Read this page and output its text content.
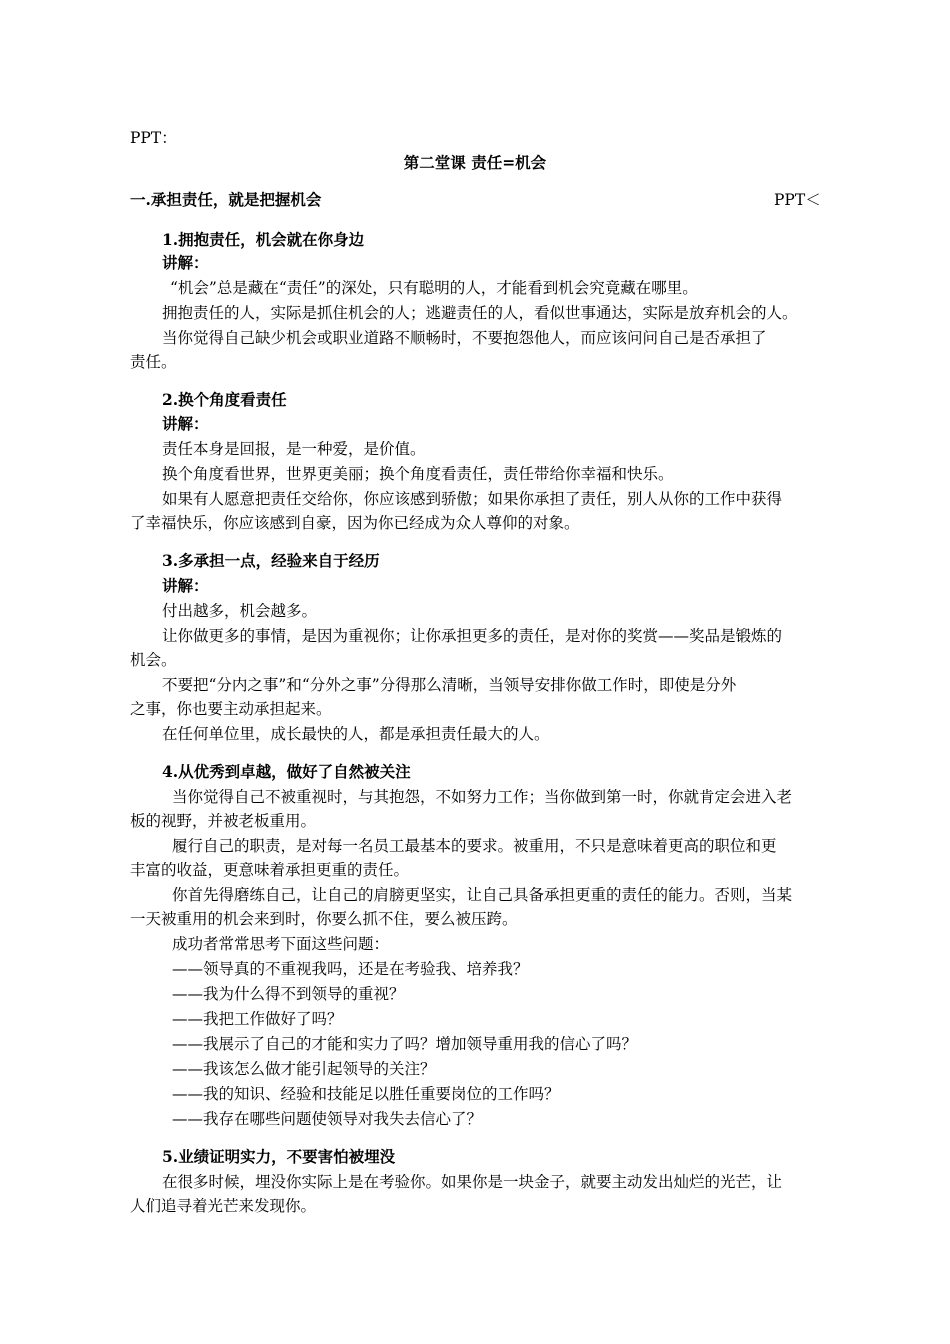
PPT：
第二堂课 责任=机会
一.承担责任，就是把握机会	PPT＜
1.拥抱责任，机会就在你身边
讲解：
“机会”总是藏在“责任”的深处，只有聪明的人，才能看到机会究竟藏在哪里。
拥抱责任的人，实际是抓住机会的人；逃避责任的人，看似世事通达，实际是放弃机会的人。
当你觉得自己缺少机会或职业道路不顺畅时，不要抱怨他人，而应该问问自己是否承担了
责任。
2.换个角度看责任
讲解：
责任本身是回报，是一种爱，是价值。
换个角度看世界，世界更美丽；换个角度看责任，责任带给你幸福和快乐。
如果有人愿意把责任交给你，你应该感到骄傲；如果你承担了责任，别人从你的工作中获得
了幸福快乐，你应该感到自豪，因为你已经成为众人尊仰的对象。
3.多承担一点，经验来自于经历
讲解：
付出越多，机会越多。
让你做更多的事情，是因为重视你；让你承担更多的责任，是对你的奖赏——奖品是锻炼的
机会。
不要把“分内之事”和“分外之事”分得那么清晰，当领导安排你做工作时，即使是分外
之事，你也要主动承担起来。
在任何单位里，成长最快的人，都是承担责任最大的人。
4.从优秀到卓越，做好了自然被关注
当你觉得自己不被重视时，与其抱怨，不如努力工作；当你做到第一时，你就肯定会进入老
板的视野，并被老板重用。
履行自己的职责，是对每一名员工最基本的要求。被重用，不只是意味着更高的职位和更
丰富的收益，更意味着承担更重的责任。
你首先得磨练自己，让自己的肩膀更坚实，让自己具备承担更重的责任的能力。否则，当某
一天被重用的机会来到时，你要么抓不住，要么被压跨。
成功者常常思考下面这些问题：
——领导真的不重视我吗，还是在考验我、培养我？
——我为什么得不到领导的重视？
——我把工作做好了吗？
——我展示了自己的才能和实力了吗？增加领导重用我的信心了吗？
——我该怎么做才能引起领导的关注？
——我的知识、经验和技能足以胜任重要岗位的工作吗？
——我存在哪些问题使领导对我失去信心了？
5.业绩证明实力，不要害怕被埋没
在很多时候，埋没你实际上是在考验你。如果你是一块金子，就要主动发出灿烂的光芒，让
人们追寻着光芒来发现你。
